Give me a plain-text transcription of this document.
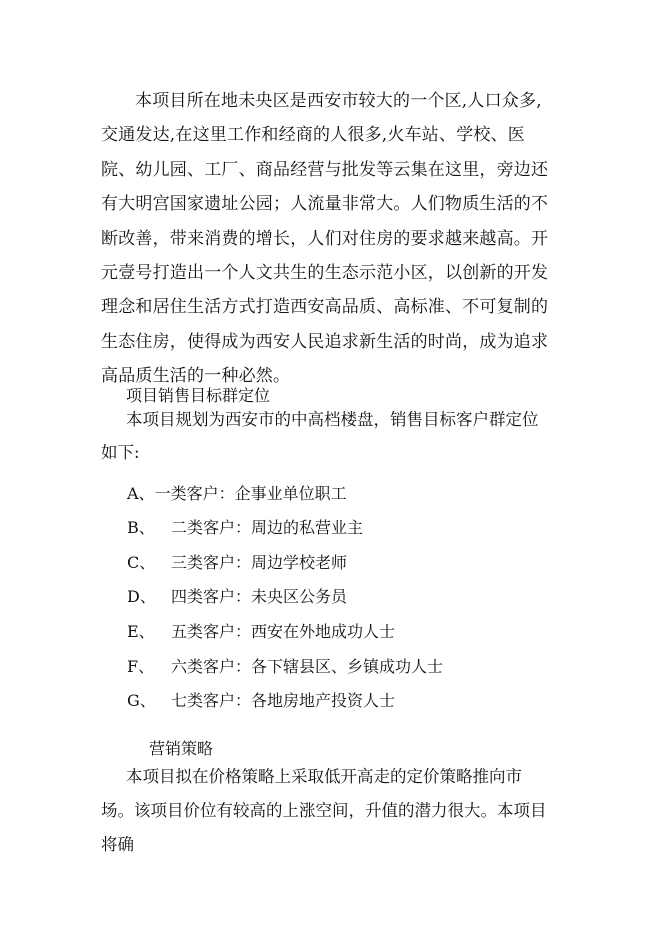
本项目所在地未央区是西安市较大的一个区,人口众多,交通发达,在这里工作和经商的人很多,火车站、学校、医院、幼儿园、工厂、商品经营与批发等云集在这里，旁边还有大明宫国家遗址公园；人流量非常大。人们物质生活的不断改善，带来消费的增长，人们对住房的要求越来越高。开元壹号打造出一个人文共生的生态示范小区，以创新的开发理念和居住生活方式打造西安高品质、高标准、不可复制的生态住房，使得成为西安人民追求新生活的时尚，成为追求高品质生活的一种必然。
项目销售目标群定位
本项目规划为西安市的中高档楼盘，销售目标客户群定位如下:
A、一类客户：企事业单位职工
B、 二类客户：周边的私营业主
C、 三类客户：周边学校老师
D、 四类客户：未央区公务员
E、 五类客户：西安在外地成功人士
F、 六类客户：各下辖县区、乡镇成功人士
G、 七类客户：各地房地产投资人士
营销策略
本项目拟在价格策略上采取低开高走的定价策略推向市场。该项目价位有较高的上涨空间，升值的潜力很大。本项目将确
